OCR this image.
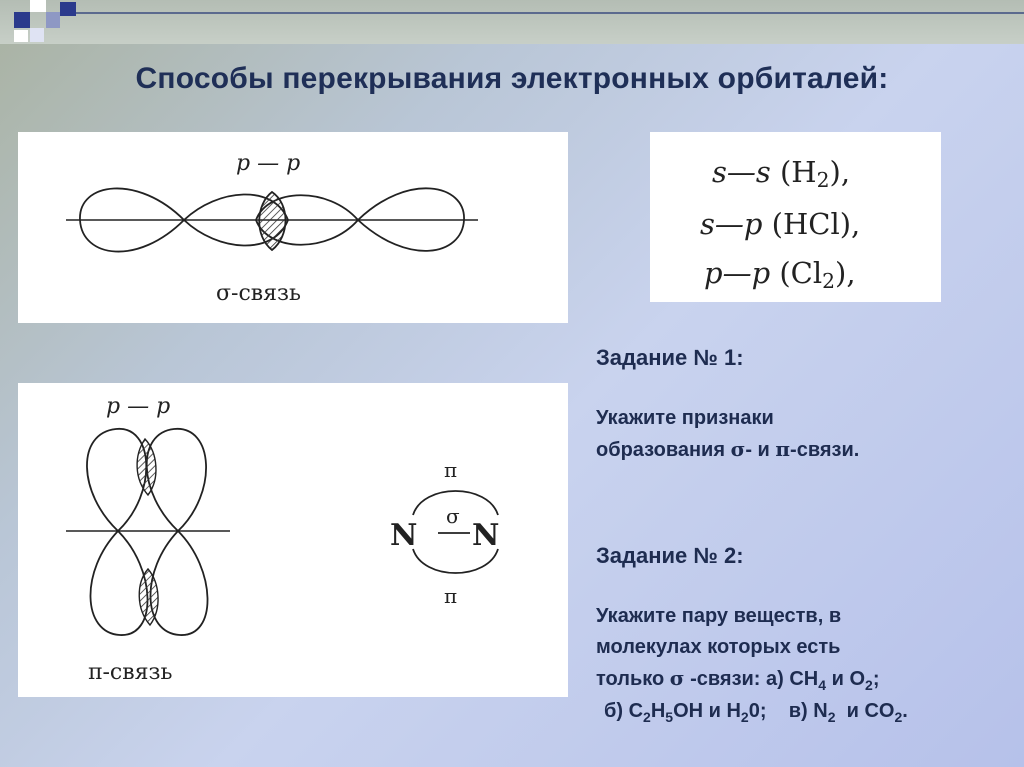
Способы перекрывания электронных орбиталей:
p — p
σ-связь
s—s $(H_2)$,
s—p (HCl),
p—p $(Cl_2)$,
p — p
π-связь
N N
σ
π
π
Задание № 1:
Укажите признаки
образования σ- и π-связи.
Задание № 2:
Укажите пару веществ, в
молекулах которых есть
только σ -связи: а) $CH_4$ и $O_2$;
б) $C_2H_5OH$ и $H_20$;    в) $N_2$  и $CO_2$.
